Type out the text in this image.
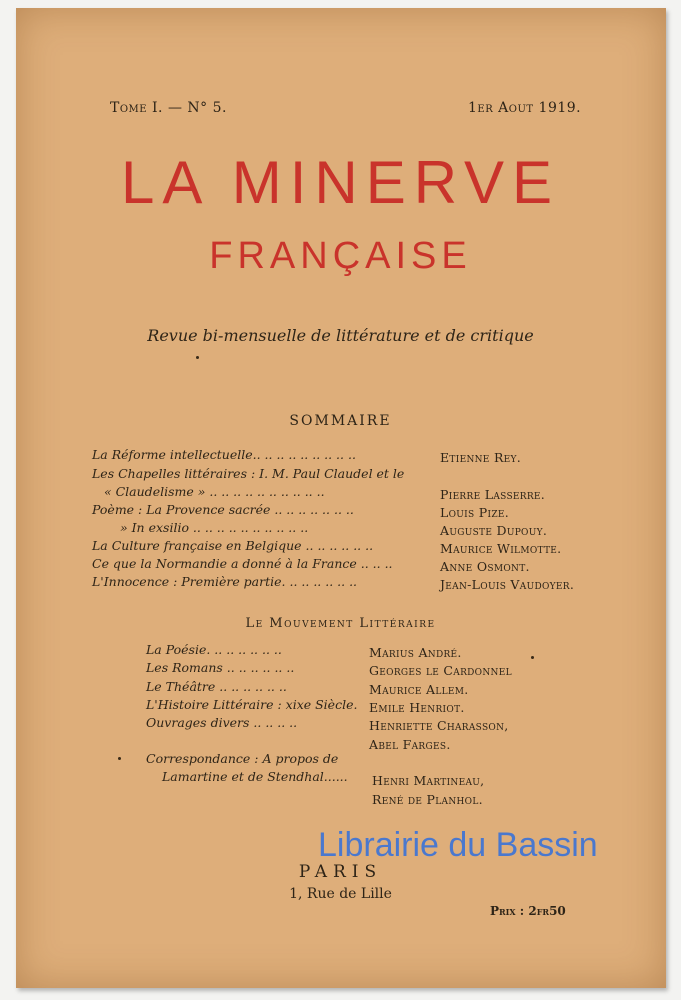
Tome I. — N° 5.	1er Aout 1919.
LA MINERVE
FRANÇAISE
Revue bi-mensuelle de littérature et de critique
SOMMAIRE
La Réforme intellectuelle.. .. .. .. .. .. .. .. ..	Etienne Rey.
Les Chapelles littéraires : I. M. Paul Claudel et le
« Claudelisme » .. .. .. .. .. .. .. .. .. ..	Pierre Lasserre.
Poème : La Provence sacrée .. .. .. .. .. .. ..	Louis Pize.
» In exsilio .. .. .. .. .. .. .. .. .. ..	Auguste Dupouy.
La Culture française en Belgique .. .. .. .. .. ..	Maurice Wilmotte.
Ce que la Normandie a donné à la France .. .. ..	Anne Osmont.
L'Innocence : Première partie. .. .. .. .. .. ..	Jean-Louis Vaudoyer.
Le Mouvement Littéraire
La Poésie. .. .. .. .. .. ..	Marius André.
Les Romans .. .. .. .. .. ..	Georges le Cardonnel
Le Théâtre .. .. .. .. .. ..	Maurice Allem.
L'Histoire Littéraire : xixe Siècle. Emile Henriot.
Ouvrages divers .. .. .. ..	Henriette Charasson,
Abel Farges.
Correspondance : A propos de
Lamartine et de Stendhal...... Henri Martineau,
René de Planhol.
Librairie du Bassin
PARIS
1, Rue de Lille
Prix : 2fr50
